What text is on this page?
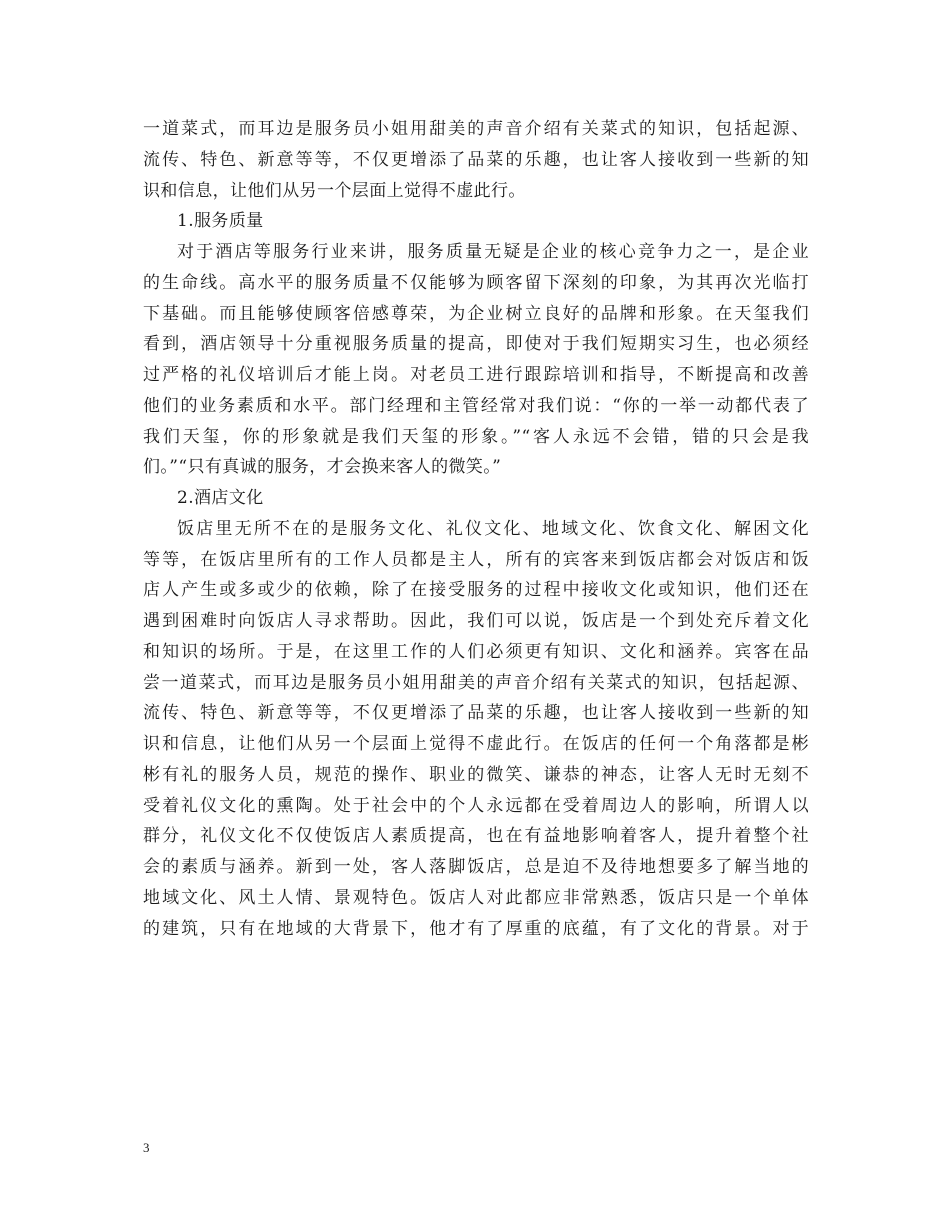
一道菜式，而耳边是服务员小姐用甜美的声音介绍有关菜式的知识，包括起源、
流传、特色、新意等等，不仅更增添了品菜的乐趣，也让客人接收到一些新的知
识和信息，让他们从另一个层面上觉得不虚此行。
1.服务质量
对于酒店等服务行业来讲，服务质量无疑是企业的核心竞争力之一，是企业
的生命线。高水平的服务质量不仅能够为顾客留下深刻的印象，为其再次光临打
下基础。而且能够使顾客倍感尊荣，为企业树立良好的品牌和形象。在天玺我们
看到，酒店领导十分重视服务质量的提高，即使对于我们短期实习生，也必须经
过严格的礼仪培训后才能上岗。对老员工进行跟踪培训和指导，不断提高和改善
他们的业务素质和水平。部门经理和主管经常对我们说：“你的一举一动都代表了
我们天玺，你的形象就是我们天玺的形象。”“客人永远不会错，错的只会是我
们。”“只有真诚的服务，才会换来客人的微笑。”
2.酒店文化
饭店里无所不在的是服务文化、礼仪文化、地域文化、饮食文化、解困文化
等等，在饭店里所有的工作人员都是主人，所有的宾客来到饭店都会对饭店和饭
店人产生或多或少的依赖，除了在接受服务的过程中接收文化或知识，他们还在
遇到困难时向饭店人寻求帮助。因此，我们可以说，饭店是一个到处充斥着文化
和知识的场所。于是，在这里工作的人们必须更有知识、文化和涵养。宾客在品
尝一道菜式，而耳边是服务员小姐用甜美的声音介绍有关菜式的知识，包括起源、
流传、特色、新意等等，不仅更增添了品菜的乐趣，也让客人接收到一些新的知
识和信息，让他们从另一个层面上觉得不虚此行。在饭店的任何一个角落都是彬
彬有礼的服务人员，规范的操作、职业的微笑、谦恭的神态，让客人无时无刻不
受着礼仪文化的熏陶。处于社会中的个人永远都在受着周边人的影响，所谓人以
群分，礼仪文化不仅使饭店人素质提高，也在有益地影响着客人，提升着整个社
会的素质与涵养。新到一处，客人落脚饭店，总是迫不及待地想要多了解当地的
地域文化、风土人情、景观特色。饭店人对此都应非常熟悉，饭店只是一个单体
的建筑，只有在地域的大背景下，他才有了厚重的底蕴，有了文化的背景。对于
3
